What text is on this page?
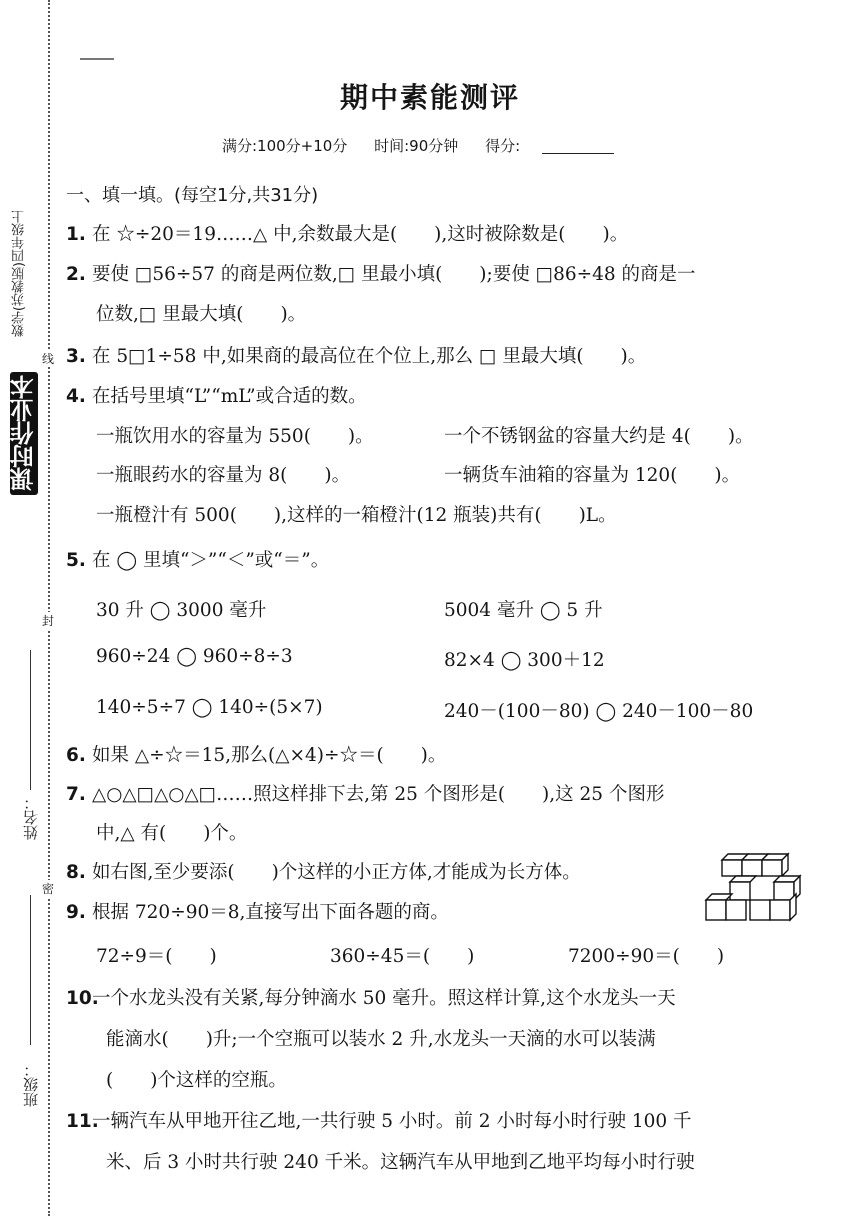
数学(苏教版)四年级上
课时作业本
线
封
密
姓名：
班级：
期中素能测评
满分:100分+10分 时间:90分钟 得分:
一、填一填。(每空1分,共31分)
1. 在 ☆÷20＝19……△ 中,余数最大是(　　),这时被除数是(　　)。
2. 要使 □56÷57 的商是两位数,□ 里最小填(　　);要使 □86÷48 的商是一
位数,□ 里最大填(　　)。
3. 在 5□1÷58 中,如果商的最高位在个位上,那么 □ 里最大填(　　)。
4. 在括号里填“L”“mL”或合适的数。
一瓶饮用水的容量为 550(　　)。	一个不锈钢盆的容量大约是 4(　　)。
一瓶眼药水的容量为 8(　　)。	一辆货车油箱的容量为 120(　　)。
一瓶橙汁有 500(　　),这样的一箱橙汁(12 瓶装)共有(　　)L。
5. 在 ◯ 里填“＞”“＜”或“＝”。
30 升 ◯ 3000 毫升	5004 毫升 ◯ 5 升
960÷24 ◯ 960÷8÷3	82×4 ◯ 300＋12
140÷5÷7 ◯ 140÷(5×7)	240－(100－80) ◯ 240－100－80
6. 如果 △÷☆＝15,那么(△×4)÷☆＝(　　)。
7. △○△□△○△□……照这样排下去,第 25 个图形是(　　),这 25 个图形
中,△ 有(　　)个。
8. 如右图,至少要添(　　)个这样的小正方体,才能成为长方体。
9. 根据 720÷90＝8,直接写出下面各题的商。
72÷9＝(　　)	360÷45＝(　　)	7200÷90＝(　　)
10.一个水龙头没有关紧,每分钟滴水 50 毫升。照这样计算,这个水龙头一天
能滴水(　　)升;一个空瓶可以装水 2 升,水龙头一天滴的水可以装满
(　　)个这样的空瓶。
11.一辆汽车从甲地开往乙地,一共行驶 5 小时。前 2 小时每小时行驶 100 千
米、后 3 小时共行驶 240 千米。这辆汽车从甲地到乙地平均每小时行驶
